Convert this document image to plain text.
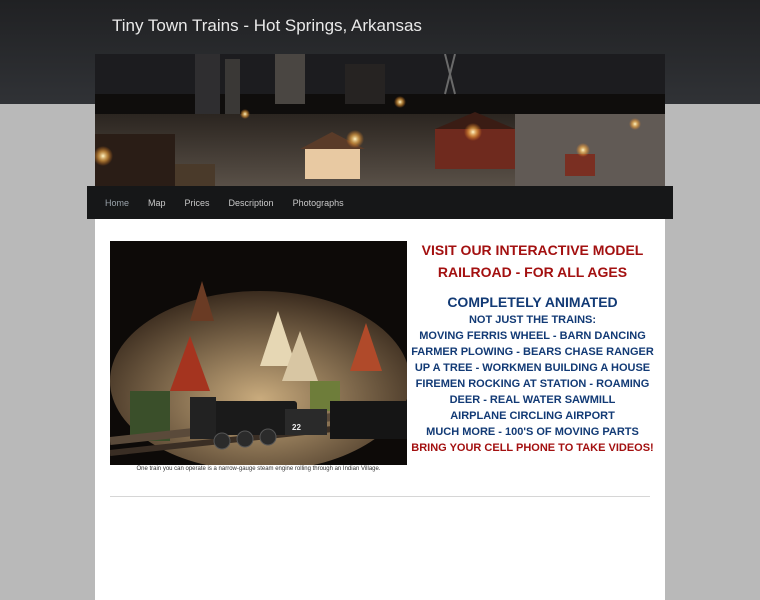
Tiny Town Trains - Hot Springs, Arkansas
Home Map Prices Description Photographs
22
One train you can operate is a narrow-gauge steam engine rolling through an Indian Village.
VISIT OUR INTERACTIVE MODEL
RAILROAD - FOR ALL AGES
COMPLETELY ANIMATED
NOT JUST THE TRAINS:
MOVING FERRIS WHEEL - BARN DANCING
FARMER PLOWING - BEARS CHASE RANGER
UP A TREE - WORKMEN BUILDING A HOUSE
FIREMEN ROCKING AT STATION - ROAMING
DEER - REAL WATER SAWMILL
AIRPLANE CIRCLING AIRPORT
MUCH MORE - 100'S OF MOVING PARTS
BRING YOUR CELL PHONE TO TAKE VIDEOS!
